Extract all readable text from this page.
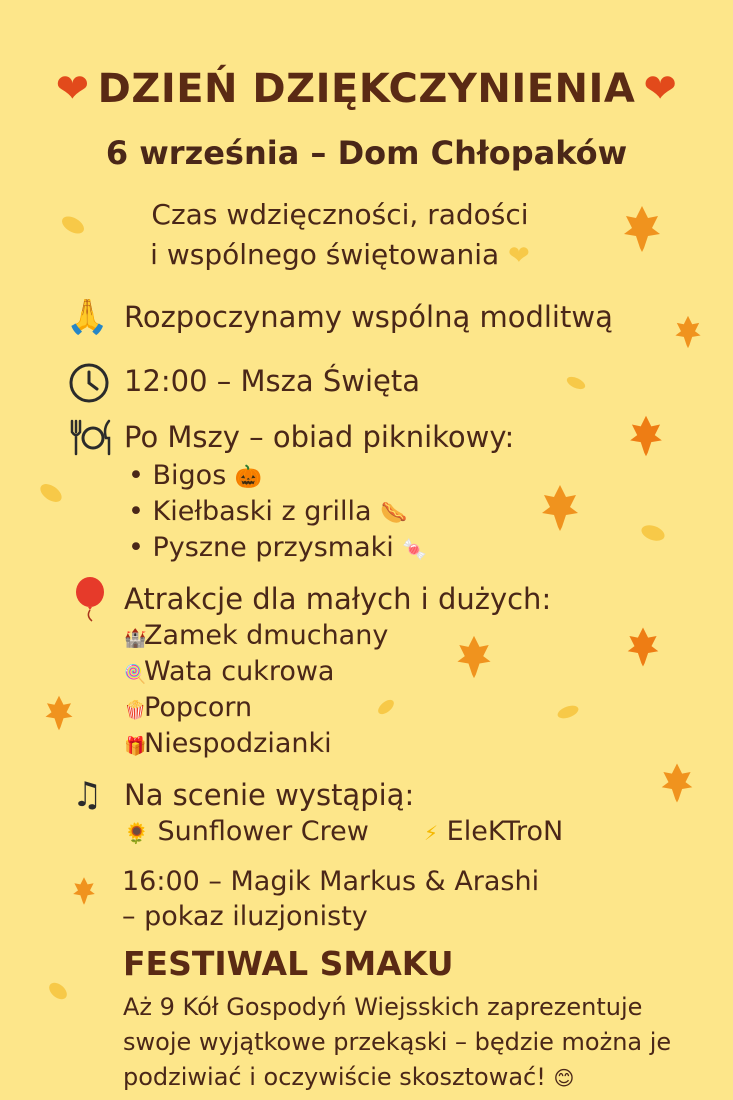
❤ DZIEŃ DZIĘKCZYNIENIA ❤
6 września – Dom Chłopaków
Czas wdzięczności, radości
i wspólnego świętowania ❤
🙏 Rozpoczynamy wspólną modlitwą
12:00 – Msza Święta
Po Mszy – obiad piknikowy:
• Bigos 🎃
• Kiełbaski z grilla 🌭
• Pyszne przysmaki 🍬
Atrakcje dla małych i dużych:
🏰Zamek dmuchany
🍭Wata cukrowa
🍿Popcorn
🎁Niespodzianki
♫ Na scenie wystąpią:
🌻 Sunflower Crew	⚡ EleKTroN
16:00 – Magik Markus & Arashi
– pokaz iluzjonisty
FESTIWAL SMAKU
Aż 9 Kół Gospodyń Wiejsskich zaprezentuje swoje wyjątkowe przekąski – będzie można je podziwiać i oczywiście skosztować! 😊
